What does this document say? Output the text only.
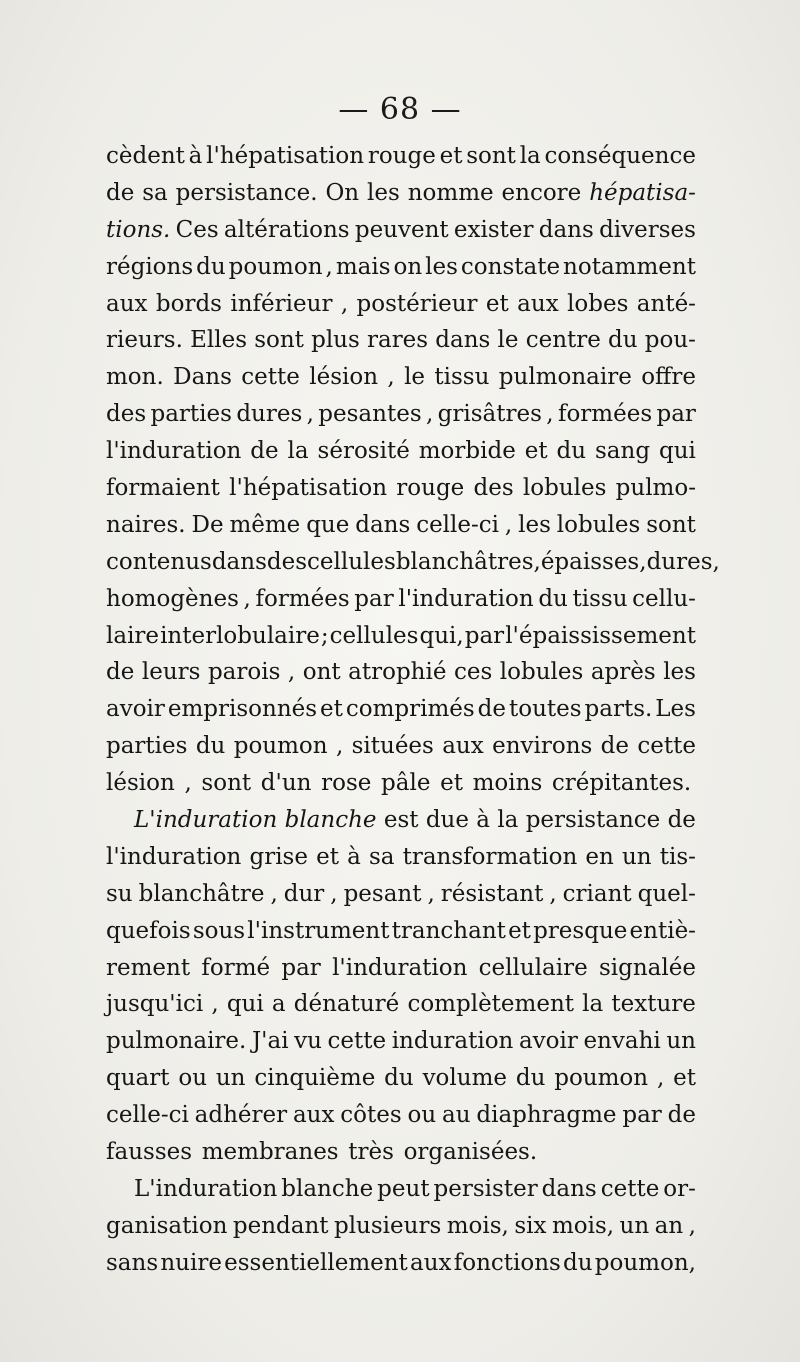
— 68 —
cèdent à l'hépatisation rouge et sont la conséquence
de sa persistance. On les nomme encore hépatisa-
tions. Ces altérations peuvent exister dans diverses
régions du poumon , mais on les constate notamment
aux bords inférieur , postérieur et aux lobes anté-
rieurs. Elles sont plus rares dans le centre du pou-
mon. Dans cette lésion , le tissu pulmonaire offre
des parties dures , pesantes , grisâtres , formées par
l'induration de la sérosité morbide et du sang qui
formaient l'hépatisation rouge des lobules pulmo-
naires. De même que dans celle-ci , les lobules sont
contenus dans des cellules blanchâtres, épaisses, dures,
homogènes , formées par l'induration du tissu cellu-
laire interlobulaire ; cellules qui, par l'épaississement
de leurs parois , ont atrophié ces lobules après les
avoir emprisonnés et comprimés de toutes parts. Les
parties du poumon , situées aux environs de cette
lésion , sont d'un rose pâle et moins crépitantes.
L'induration blanche est due à la persistance de
l'induration grise et à sa transformation en un tis-
su blanchâtre , dur , pesant , résistant , criant quel-
quefois sous l'instrument tranchant et presque entiè-
rement formé par l'induration cellulaire signalée
jusqu'ici , qui a dénaturé complètement la texture
pulmonaire. J'ai vu cette induration avoir envahi un
quart ou un cinquième du volume du poumon , et
celle-ci adhérer aux côtes ou au diaphragme par de
fausses membranes très organisées.
L'induration blanche peut persister dans cette or-
ganisation pendant plusieurs mois, six mois, un an ,
sans nuire essentiellement aux fonctions du poumon,
